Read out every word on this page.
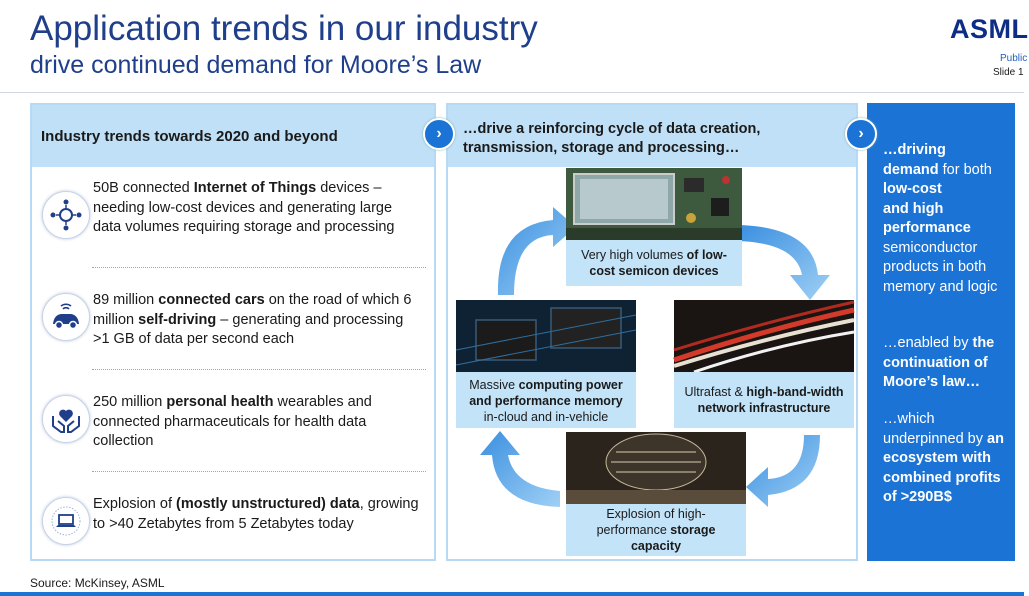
Application trends in our industry
drive continued demand for Moore’s Law
ASML
Public
Slide 1
Industry trends towards 2020 and beyond
50B connected Internet of Things devices – needing low-cost devices and generating large data volumes requiring storage and processing
89 million connected cars on the road of which 6 million self-driving – generating and processing >1 GB of data per second each
250 million personal health wearables and connected pharmaceuticals for health data collection
Explosion of (mostly unstructured) data, growing to >40 Zetabytes from 5 Zetabytes today
…drive a reinforcing cycle of data creation,
transmission, storage and processing…
Very high volumes of low-
cost semicon devices
Massive computing power
and performance memory
in-cloud and in-vehicle
Ultrafast & high-band-width
network infrastructure
Explosion of high-
performance storage
capacity
…driving
demand for both low-cost
and high
performance semiconductor products in both memory and logic
…enabled by the continuation of Moore’s law…
…which underpinned by an ecosystem with combined profits of >290B$
›	›
Source: McKinsey, ASML
